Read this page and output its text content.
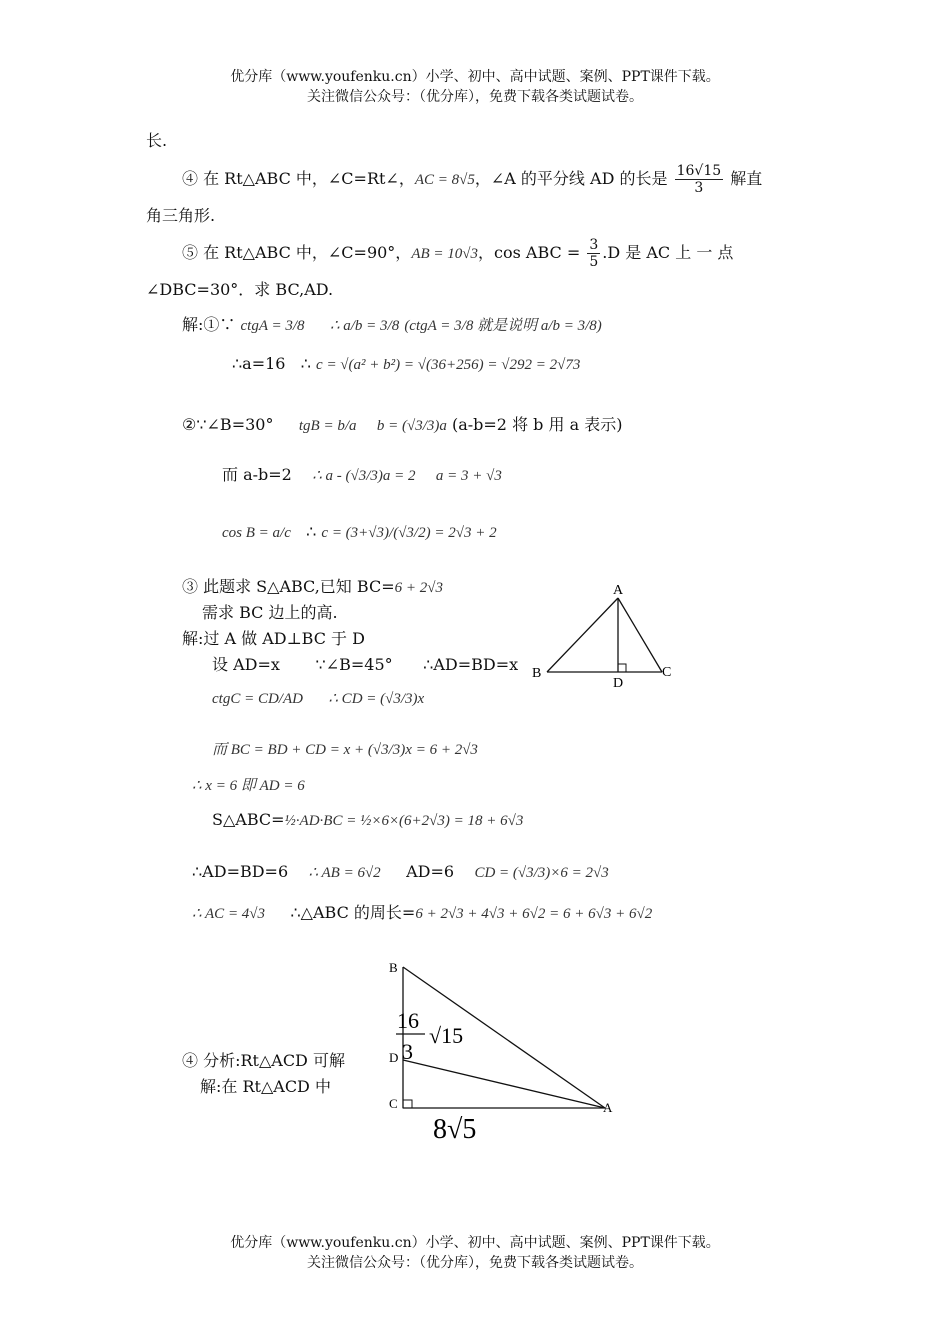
优分库（www.youfenku.cn）小学、初中、高中试题、案例、PPT课件下载。
关注微信公众号：（优分库），免费下载各类试题试卷。
长.
④ 在 Rt△ABC 中，∠C=Rt∠，AC = 8√5，∠A 的平分线 AD 的长是 $\frac{16√15}{3}$ 解直
角三角形.
⑤ 在 Rt△ABC 中，∠C=90°，AB = 10√3，cos ABC = $\frac{3}{5} .D$ 是 AC 上 一 点
∠DBC=30°．求 BC,AD.
解:①∵ ctgA = 3/8 ∴ a/b = 3/8 (ctgA = 3/8 就是说明 a/b = 3/8)
∴a=16 ∴ c = √(a² + b²) = √(36+256) = √292 = 2√73
②∵∠B=30° tgB = b/a b = (√3/3)a (a-b=2 将 b 用 a 表示)
而 a-b=2 ∴ a - (√3/3)a = 2 a = 3 + √3
cos B = a/c ∴ c = (3+√3)/(√3/2) = 2√3 + 2
③ 此题求 S△ABC,已知 BC=6 + 2√3
需求 BC 边上的高.
解:过 A 做 AD⊥BC 于 D
设 AD=x ∵∠B=45° ∴AD=BD=x
ctgC = CD/AD ∴ CD = (√3/3)x
而 BC = BD + CD = x + (√3/3)x = 6 + 2√3
∴ x = 6 即 AD = 6
S△ABC=½·AD·BC = ½×6×(6+2√3) = 18 + 6√3
∴AD=BD=6 ∴ AB = 6√2 AD=6 CD = (√3/3)×6 = 2√3
∴ AC = 4√3 ∴△ABC 的周长=6 + 2√3 + 4√3 + 6√2 = 6 + 6√3 + 6√2
A
B	C
D
④ 分析:Rt△ACD 可解
解:在 Rt△ACD 中
B
D
C	A
16
3
√15
8√5
优分库（www.youfenku.cn）小学、初中、高中试题、案例、PPT课件下载。
关注微信公众号：（优分库），免费下载各类试题试卷。
